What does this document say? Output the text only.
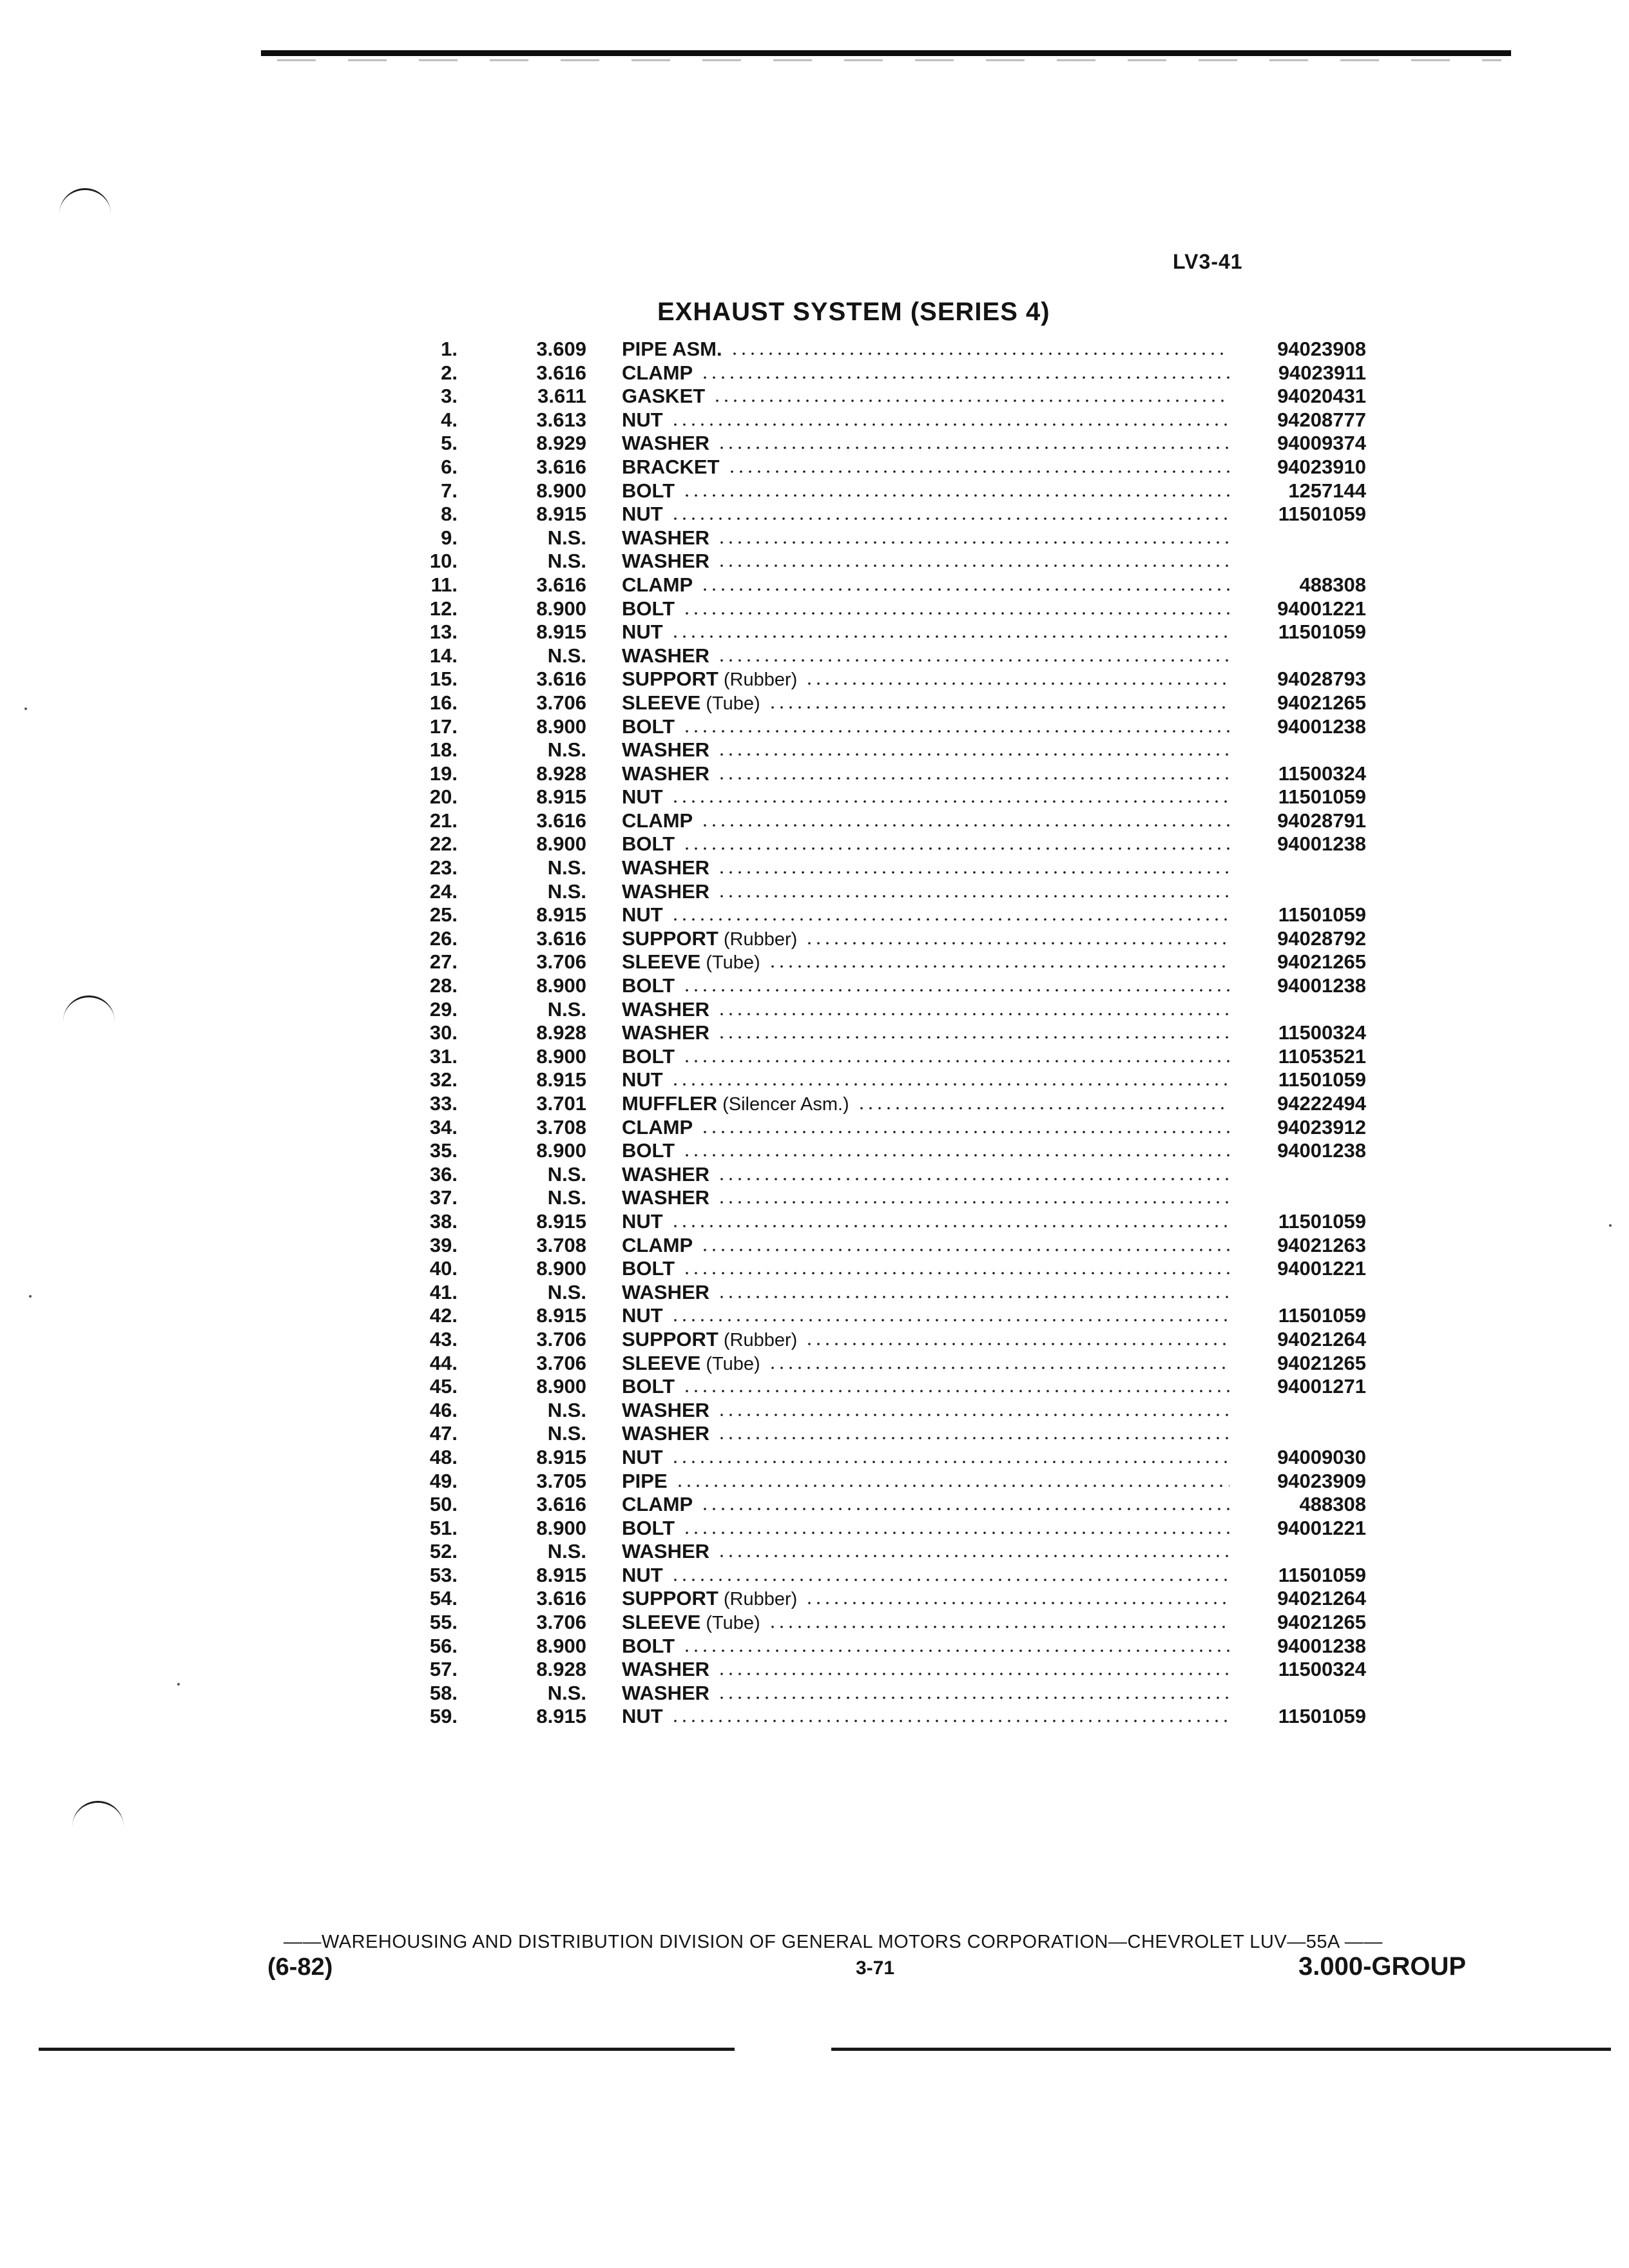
LV3-41
EXHAUST SYSTEM (SERIES 4)
1.	3.609 PIPE ASM.	94023908
2.	3.616 CLAMP	94023911
3.	3.611 GASKET	94020431
4.	3.613 NUT	94208777
5.	8.929 WASHER	94009374
6.	3.616 BRACKET	94023910
7.	8.900 BOLT	1257144
8.	8.915 NUT	11501059
9.	N.S. WASHER
10.	N.S. WASHER
11.	3.616 CLAMP	488308
12.	8.900 BOLT	94001221
13.	8.915 NUT	11501059
14.	N.S. WASHER
15.	3.616 SUPPORT (Rubber)	94028793
16.	3.706 SLEEVE (Tube)	94021265
17.	8.900 BOLT	94001238
18.	N.S. WASHER
19.	8.928 WASHER	11500324
20.	8.915 NUT	11501059
21.	3.616 CLAMP	94028791
22.	8.900 BOLT	94001238
23.	N.S. WASHER
24.	N.S. WASHER
25.	8.915 NUT	11501059
26.	3.616 SUPPORT (Rubber)	94028792
27.	3.706 SLEEVE (Tube)	94021265
28.	8.900 BOLT	94001238
29.	N.S. WASHER
30.	8.928 WASHER	11500324
31.	8.900 BOLT	11053521
32.	8.915 NUT	11501059
33.	3.701 MUFFLER (Silencer Asm.)	94222494
34.	3.708 CLAMP	94023912
35.	8.900 BOLT	94001238
36.	N.S. WASHER
37.	N.S. WASHER
38.	8.915 NUT	11501059
39.	3.708 CLAMP	94021263
40.	8.900 BOLT	94001221
41.	N.S. WASHER
42.	8.915 NUT	11501059
43.	3.706 SUPPORT (Rubber)	94021264
44.	3.706 SLEEVE (Tube)	94021265
45.	8.900 BOLT	94001271
46.	N.S. WASHER
47.	N.S. WASHER
48.	8.915 NUT	94009030
49.	3.705 PIPE	94023909
50.	3.616 CLAMP	488308
51.	8.900 BOLT	94001221
52.	N.S. WASHER
53.	8.915 NUT	11501059
54.	3.616 SUPPORT (Rubber)	94021264
55.	3.706 SLEEVE (Tube)	94021265
56.	8.900 BOLT	94001238
57.	8.928 WASHER	11500324
58.	N.S. WASHER
59.	8.915 NUT	11501059
——WAREHOUSING AND DISTRIBUTION DIVISION OF GENERAL MOTORS CORPORATION—CHEVROLET LUV—55A ——
(6-82)	3-71	3.000-GROUP
